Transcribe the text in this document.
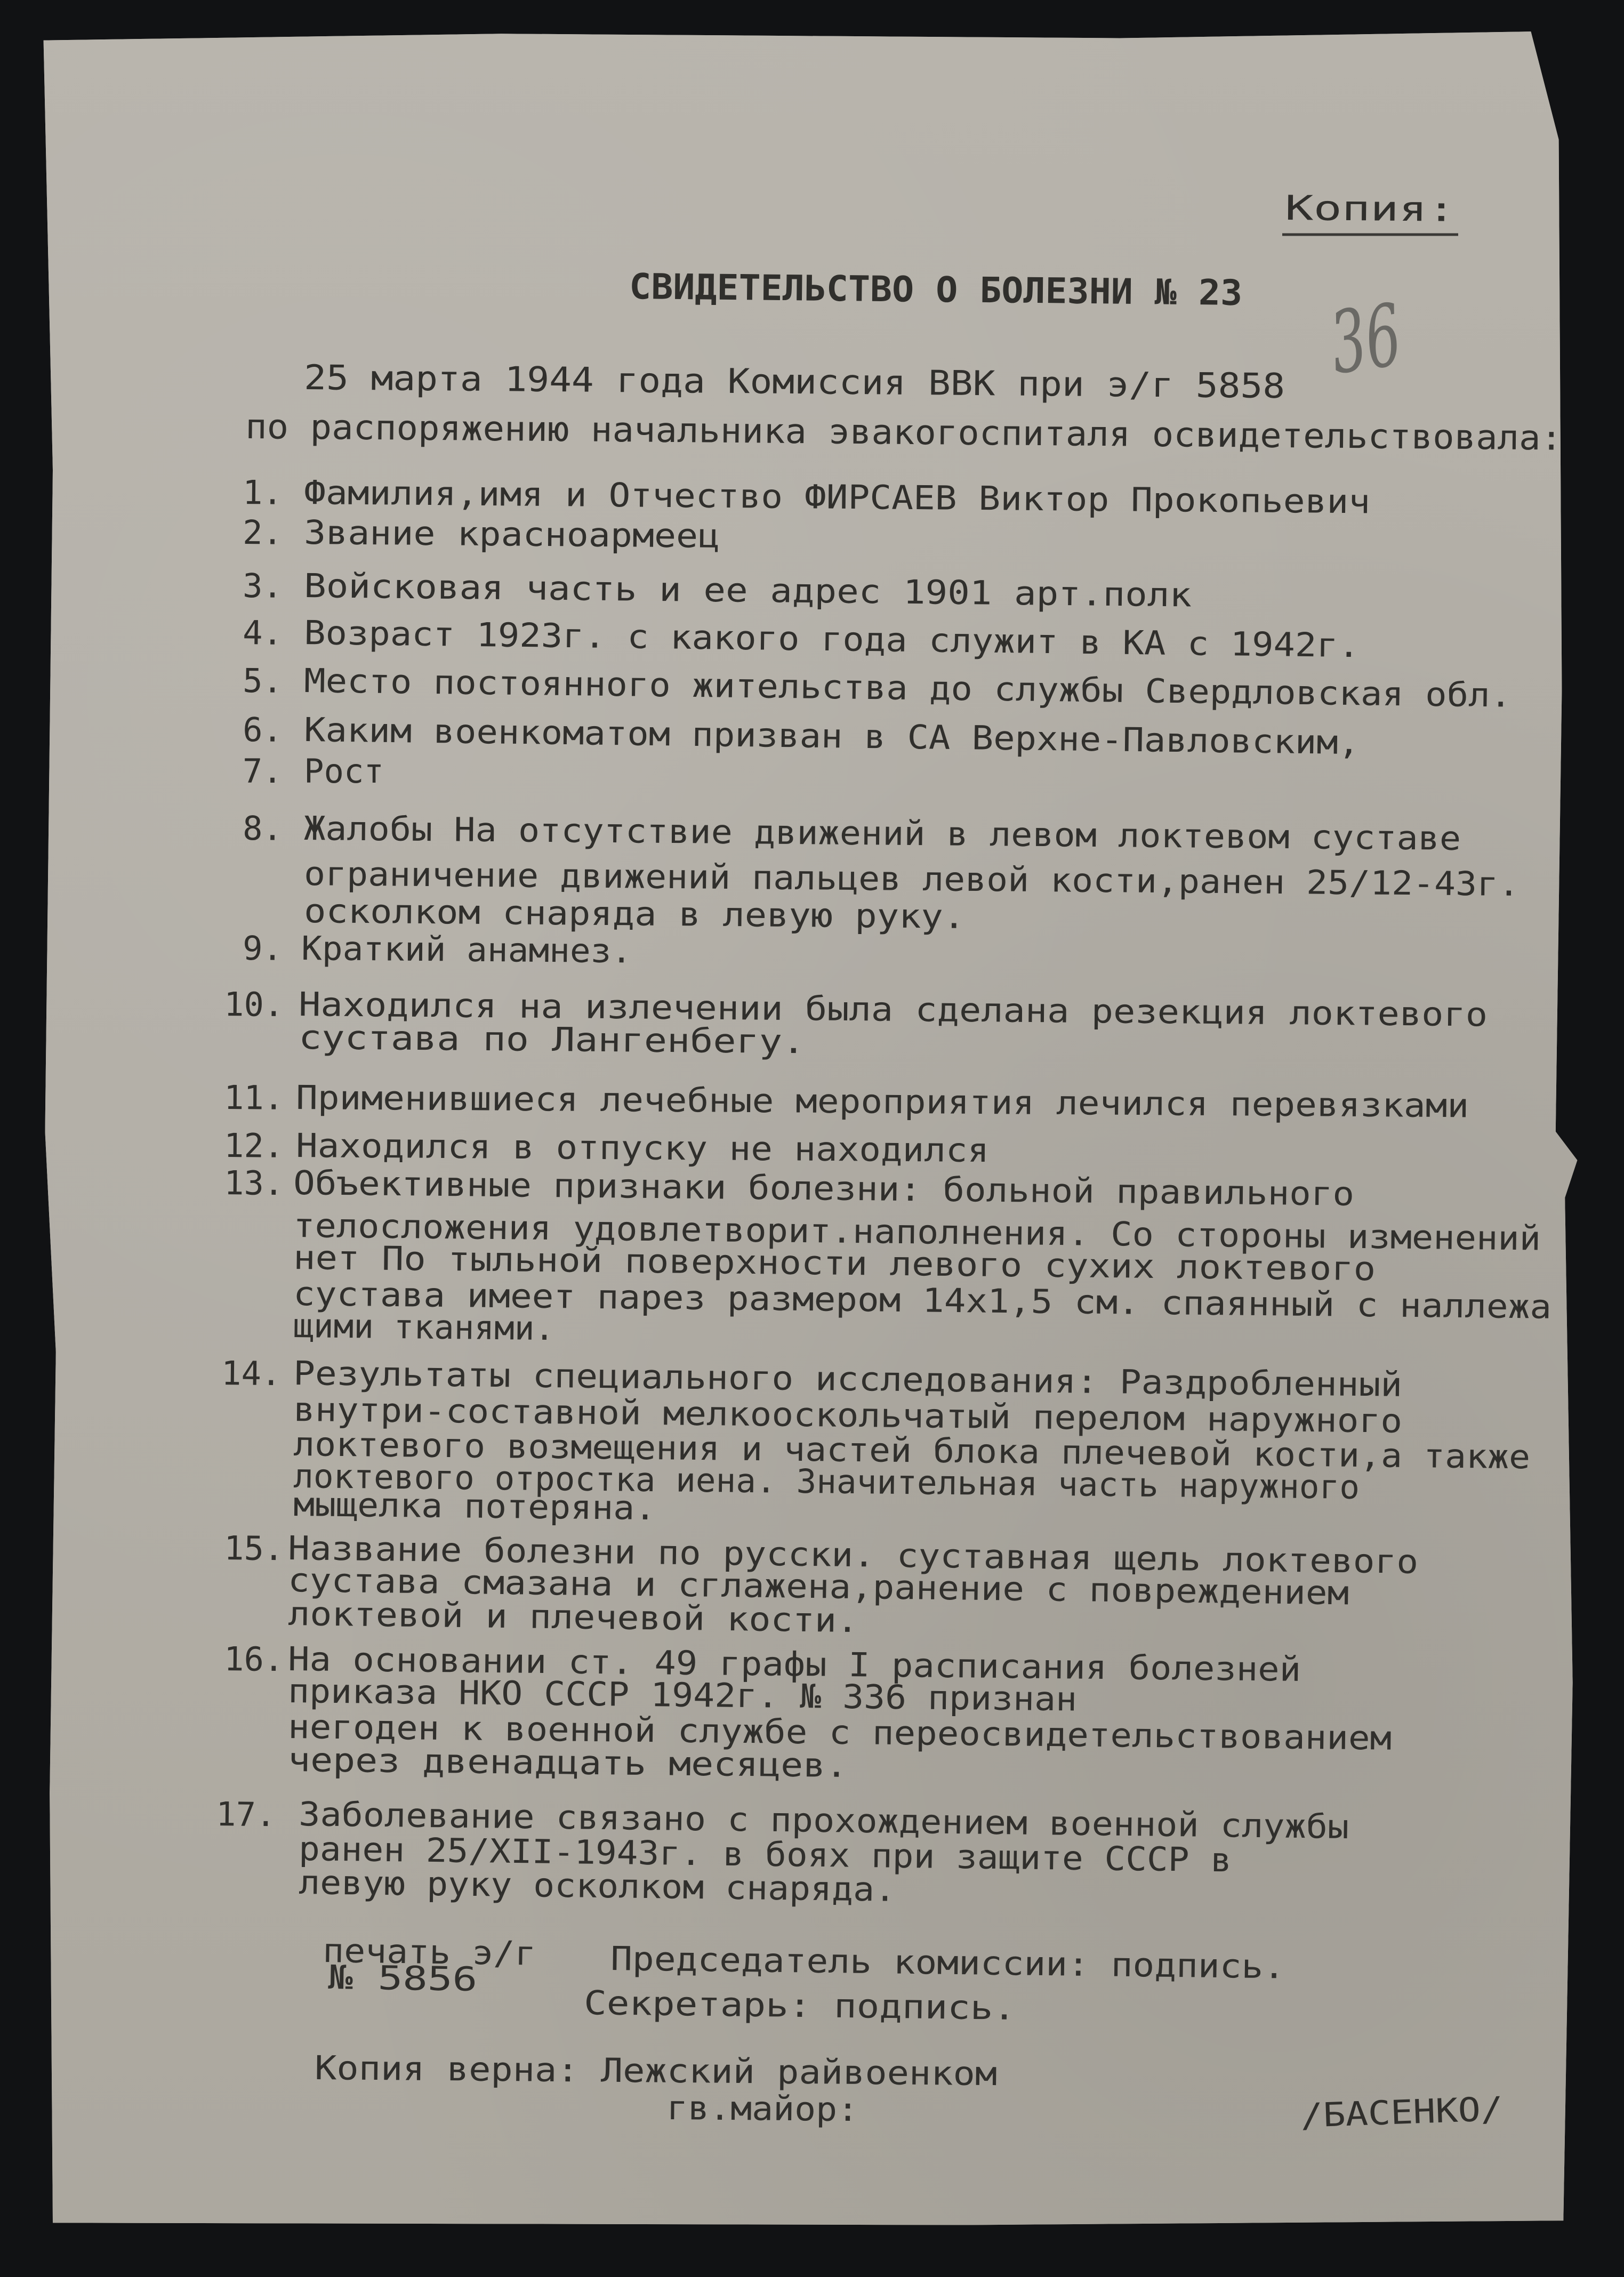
Копия:
СВИДЕТЕЛЬСТВО О БОЛЕЗНИ № 23 36
25 марта 1944 года Комиссия ВВК при э/г 5858
по распоряжению начальника эвакогоспиталя освидетельствовала:
1. Фамилия,имя и Отчество ФИРСАЕВ Виктор Прокопьевич
2. Звание красноармеец
3. Войсковая часть и ее адрес 1901 арт.полк
4. Возраст 1923г. с какого года служит в КА с 1942г.
5. Место постоянного жительства до службы Свердловская обл.
6. Каким военкоматом призван в СА Верхне-Павловским,
7. Рост
8. Жалобы На отсутствие движений в левом локтевом суставе
ограничение движений пальцев левой кости,ранен 25/12-43г.
осколком снаряда в левую руку.
9. Краткий анамнез.
10. Находился на излечении была сделана резекция локтевого
сустава по Лангенбегу.
11. Применившиеся лечебные мероприятия лечился перевязками
12. Находился в отпуску не находился
13. Объективные признаки болезни: больной правильного
телосложения удовлетворит.наполнения. Со стороны изменений
нет По тыльной поверхности левого сухих локтевого
сустава имеет парез размером 14х1,5 см. спаянный с наллежа
щими тканями.
14. Результаты специального исследования: Раздробленный
внутри-составной мелкооскольчатый перелом наружного
локтевого возмещения и частей блока плечевой кости,а также
локтевого отростка иена. Значительная часть наружного
мыщелка потеряна.
15. Название болезни по русски. суставная щель локтевого
сустава смазана и сглажена,ранение с повреждением
локтевой и плечевой кости.
16. На основании ст. 49 графы I расписания болезней
приказа НКО СССР 1942г. № 336 признан
негоден к военной службе с переосвидетельствованием
через двенадцать месяцев.
17. Заболевание связано с прохождением военной службы
ранен 25/XII-1943г. в боях при защите СССР в
левую руку осколком снаряда.
печать э/г
№ 5856	Председатель комиссии: подпись.
Секретарь: подпись.
Копия верна: Лежский райвоенком
гв.майор:	/БАСЕНКО/
